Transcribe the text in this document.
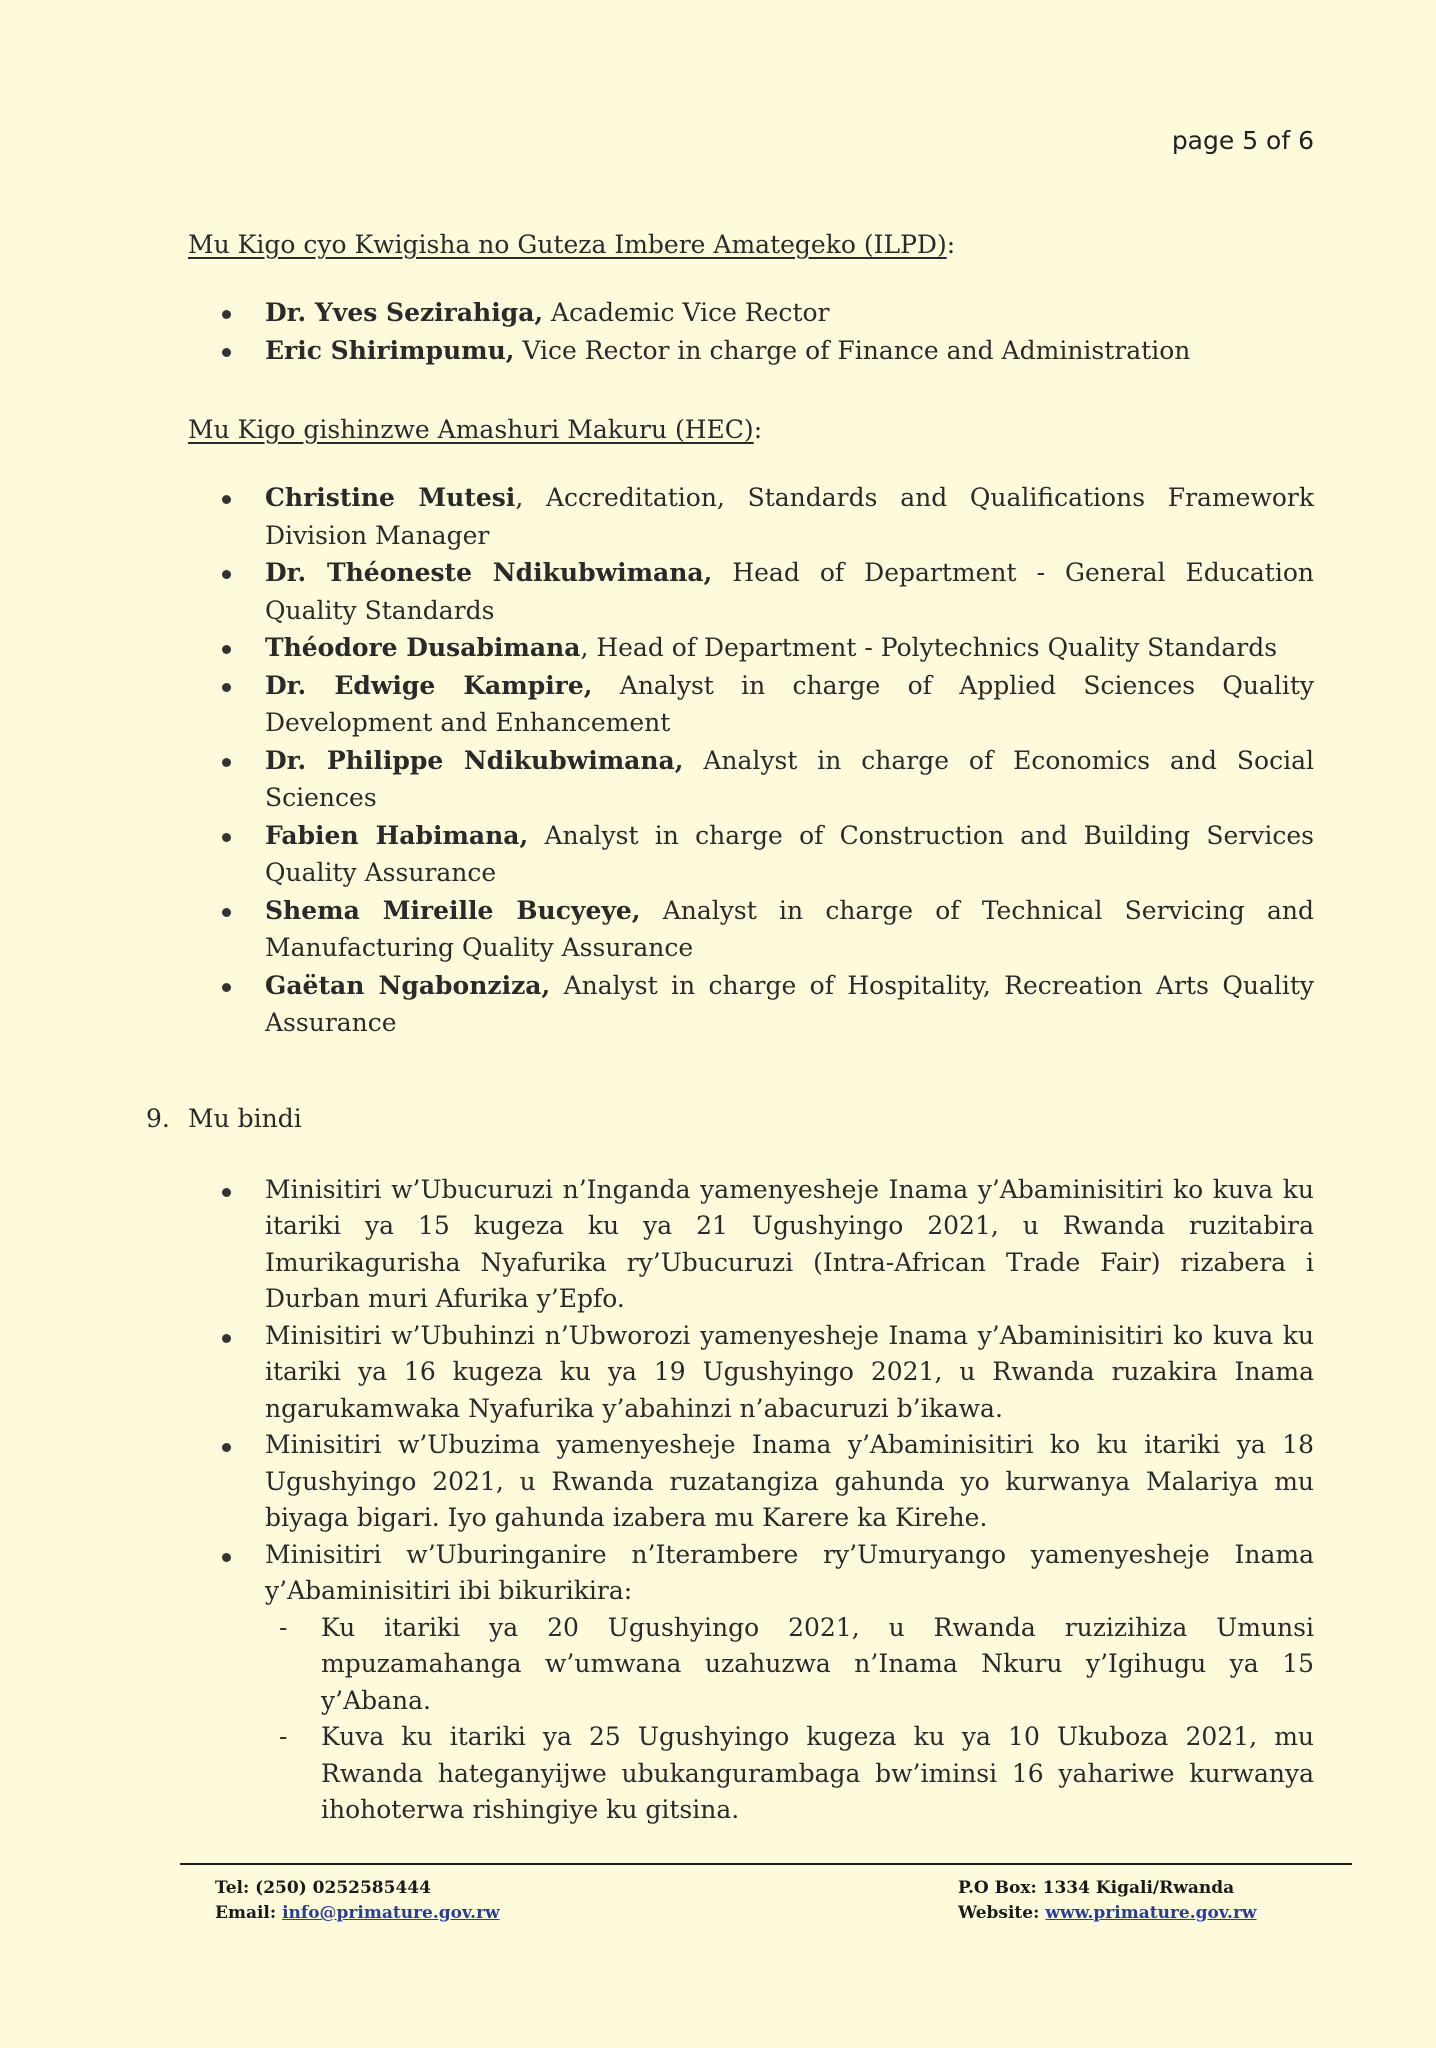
page 5 of 6

Mu Kigo cyo Kwigisha no Guteza Imbere Amategeko (ILPD):

Dr. Yves Sezirahiga, Academic Vice Rector
Eric Shirimpumu, Vice Rector in charge of Finance and Administration

Mu Kigo gishinzwe Amashuri Makuru (HEC):

Christine Mutesi, Accreditation, Standards and Qualifications Framework Division Manager
Dr. Théoneste Ndikubwimana, Head of Department - General Education Quality Standards
Théodore Dusabimana, Head of Department - Polytechnics Quality Standards
Dr. Edwige Kampire, Analyst in charge of Applied Sciences Quality Development and Enhancement
Dr. Philippe Ndikubwimana, Analyst in charge of Economics and Social Sciences
Fabien Habimana, Analyst in charge of Construction and Building Services Quality Assurance
Shema Mireille Bucyeye, Analyst in charge of Technical Servicing and Manufacturing Quality Assurance
Gaëtan Ngabonziza, Analyst in charge of Hospitality, Recreation Arts Quality Assurance

9. Mu bindi

Minisitiri w’Ubucuruzi n’Inganda yamenyesheje Inama y’Abaminisitiri ko kuva ku itariki ya 15 kugeza ku ya 21 Ugushyingo 2021, u Rwanda ruzitabira Imurikagurisha Nyafurika ry’Ubucuruzi (Intra-African Trade Fair) rizabera i Durban muri Afurika y’Epfo.
Minisitiri w’Ubuhinzi n’Ubworozi yamenyesheje Inama y’Abaminisitiri ko kuva ku itariki ya 16 kugeza ku ya 19 Ugushyingo 2021, u Rwanda ruzakira Inama ngarukamwaka Nyafurika y’abahinzi n’abacuruzi b’ikawa.
Minisitiri w’Ubuzima yamenyesheje Inama y’Abaminisitiri ko ku itariki ya 18 Ugushyingo 2021, u Rwanda ruzatangiza gahunda yo kurwanya Malariya mu biyaga bigari. Iyo gahunda izabera mu Karere ka Kirehe.
Minisitiri w’Uburinganire n’Iterambere ry’Umuryango yamenyesheje Inama y’Abaminisitiri ibi bikurikira:
- Ku itariki ya 20 Ugushyingo 2021, u Rwanda ruzizihiza Umunsi mpuzamahanga w’umwana uzahuzwa n’Inama Nkuru y’Igihugu ya 15 y’Abana.
- Kuva ku itariki ya 25 Ugushyingo kugeza ku ya 10 Ukuboza 2021, mu Rwanda hateganyijwe ubukangurambaga bw’iminsi 16 yahariwe kurwanya ihohoterwa rishingiye ku gitsina.
Tel: (250) 0252585444
Email: info@primature.gov.rw
P.O Box: 1334 Kigali/Rwanda
Website: www.primature.gov.rw
